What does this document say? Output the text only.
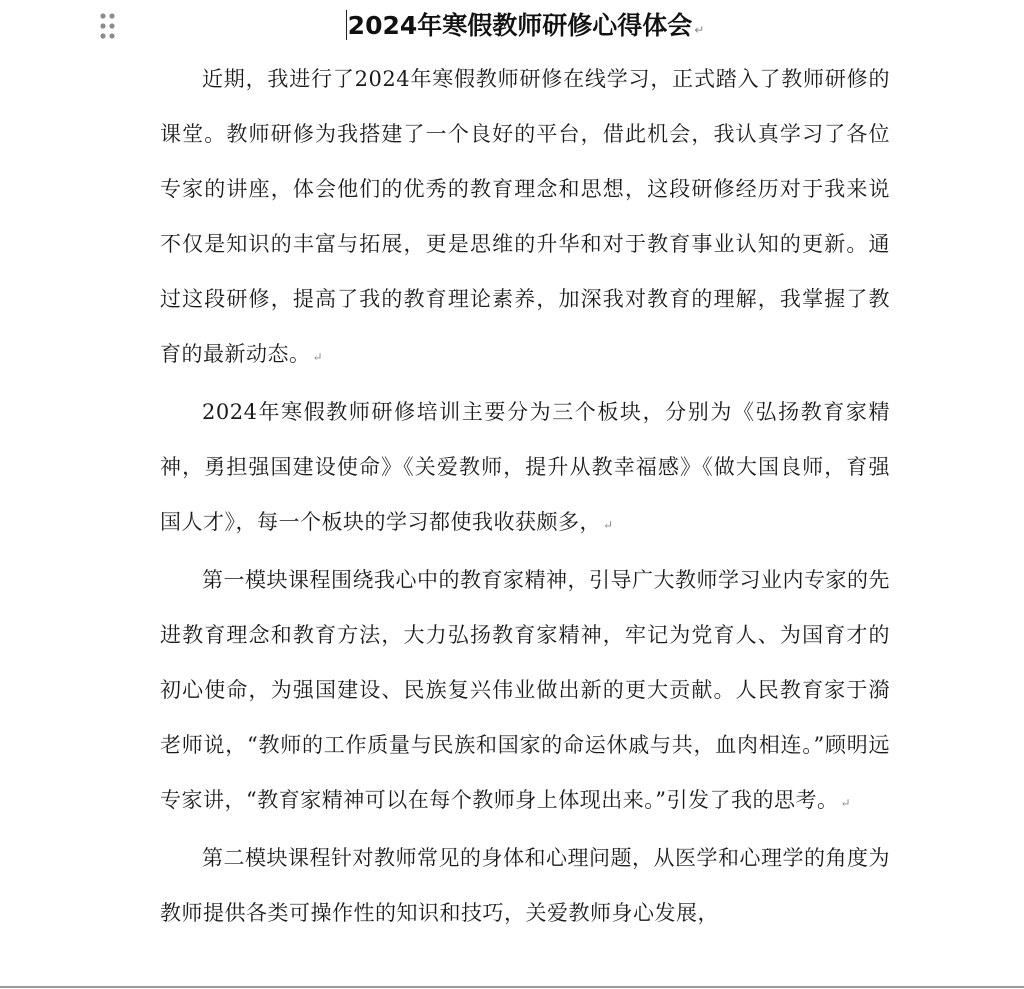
2024年寒假教师研修心得体会 ↵

近期，我进行了2024年寒假教师研修在线学习，正式踏入了教师研修的课堂。教师研修为我搭建了一个良好的平台，借此机会，我认真学习了各位专家的讲座，体会他们的优秀的教育理念和思想，这段研修经历对于我来说不仅是知识的丰富与拓展，更是思维的升华和对于教育事业认知的更新。通过这段研修，提高了我的教育理论素养，加深我对教育的理解，我掌握了教育的最新动态。 ↵

2024年寒假教师研修培训主要分为三个板块，分别为《弘扬教育家精神，勇担强国建设使命》《关爱教师，提升从教幸福感》《做大国良师，育强国人才》，每一个板块的学习都使我收获颇多， ↵

第一模块课程围绕我心中的教育家精神，引导广大教师学习业内专家的先进教育理念和教育方法，大力弘扬教育家精神，牢记为党育人、为国育才的初心使命，为强国建设、民族复兴伟业做出新的更大贡献。人民教育家于漪老师说，“教师的工作质量与民族和国家的命运休戚与共，血肉相连。”顾明远专家讲，“教育家精神可以在每个教师身上体现出来。”引发了我的思考。 ↵

第二模块课程针对教师常见的身体和心理问题，从医学和心理学的角度为教师提供各类可操作性的知识和技巧，关爱教师身心发展，
